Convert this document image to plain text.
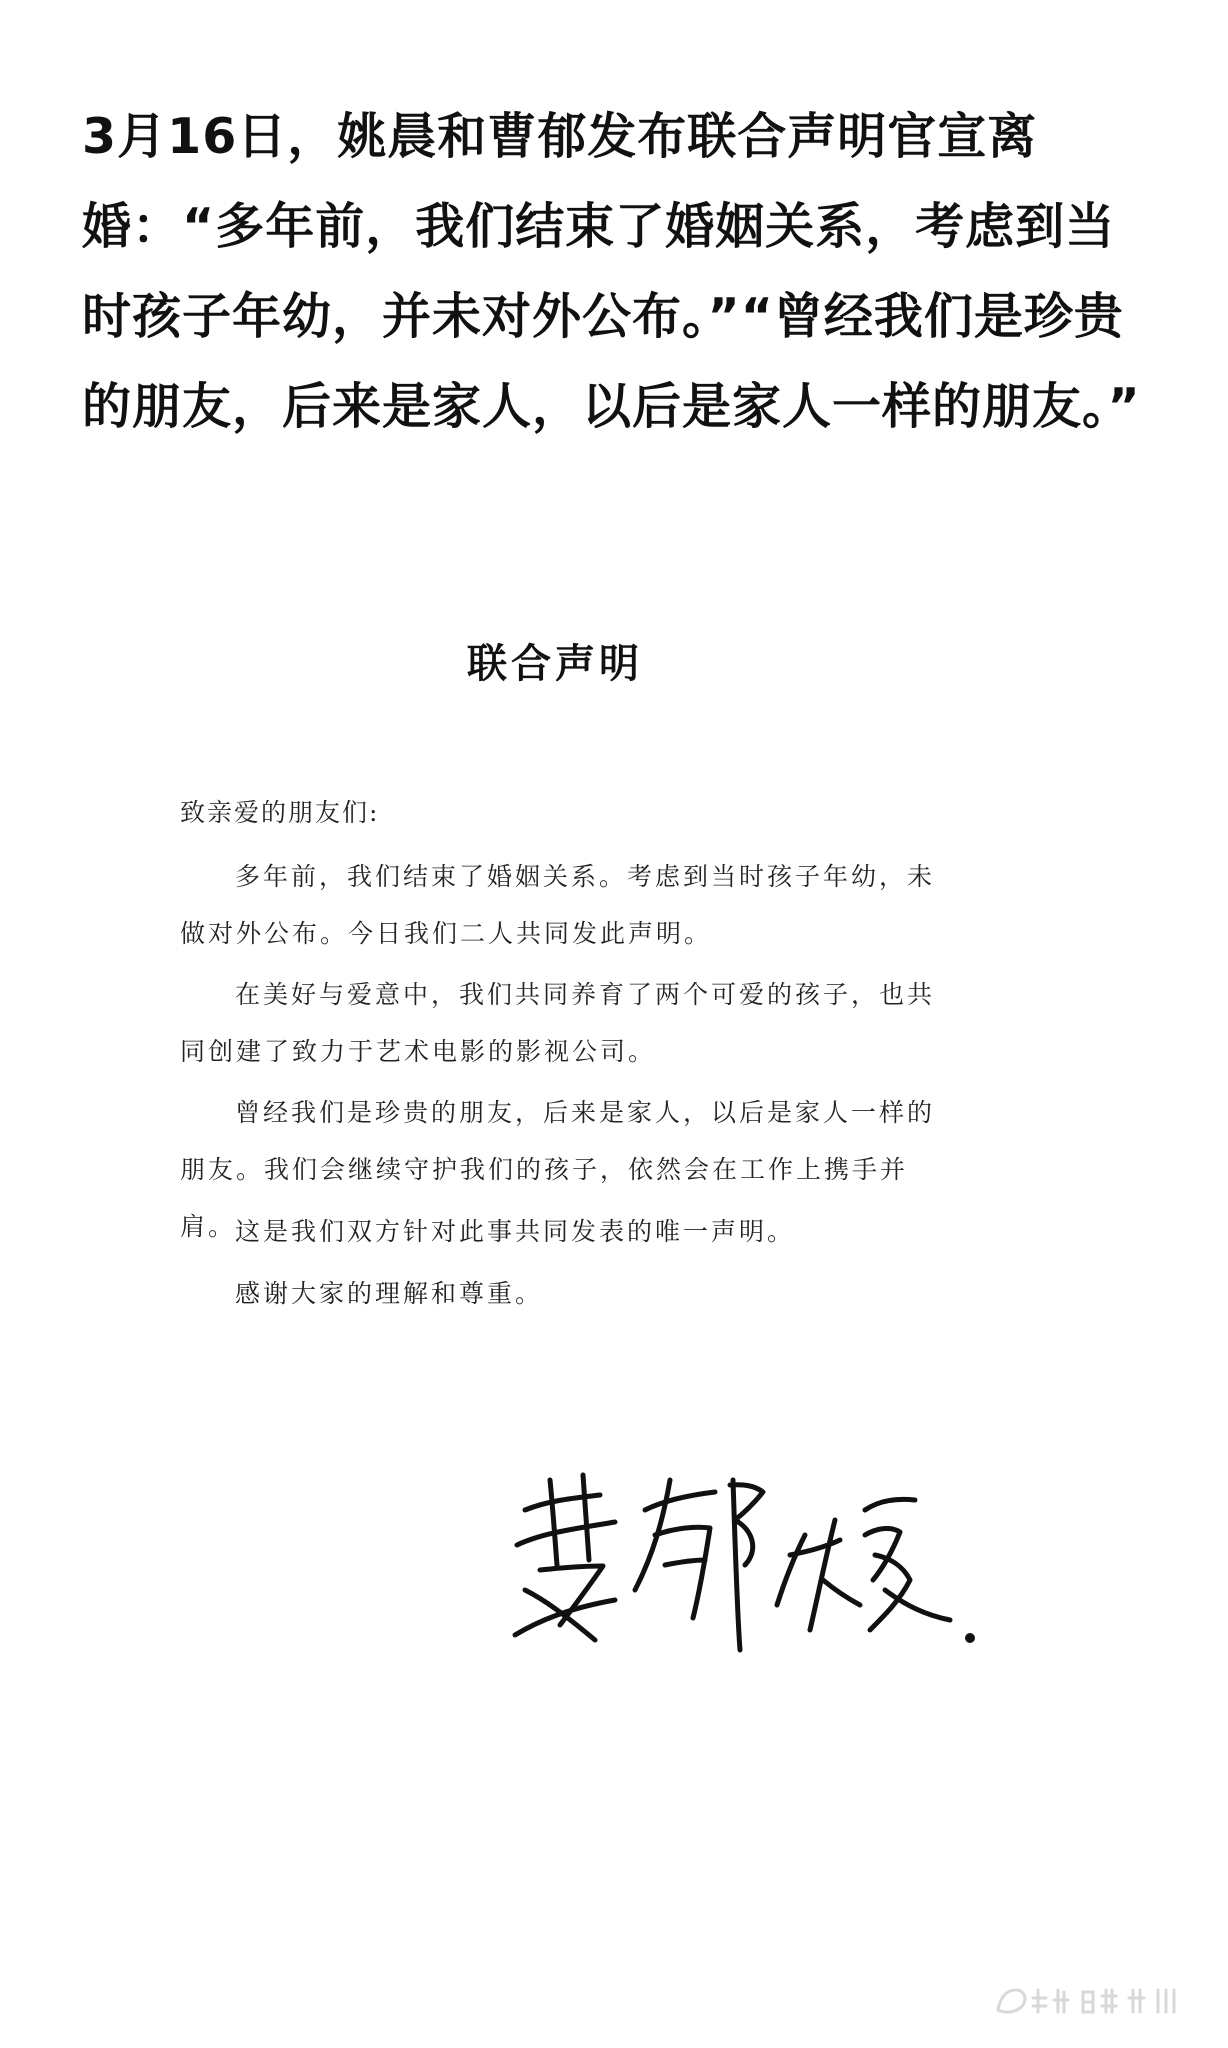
3月16日，姚晨和曹郁发布联合声明官宣离婚：“多年前，我们结束了婚姻关系，考虑到当时孩子年幼，并未对外公布。”“曾经我们是珍贵的朋友，后来是家人，以后是家人一样的朋友。”

联合声明

致亲爱的朋友们:

多年前，我们结束了婚姻关系。考虑到当时孩子年幼，未做对外公布。今日我们二人共同发此声明。

在美好与爱意中，我们共同养育了两个可爱的孩子，也共同创建了致力于艺术电影的影视公司。

曾经我们是珍贵的朋友，后来是家人，以后是家人一样的朋友。我们会继续守护我们的孩子，依然会在工作上携手并肩。

这是我们双方针对此事共同发表的唯一声明。

感谢大家的理解和尊重。
